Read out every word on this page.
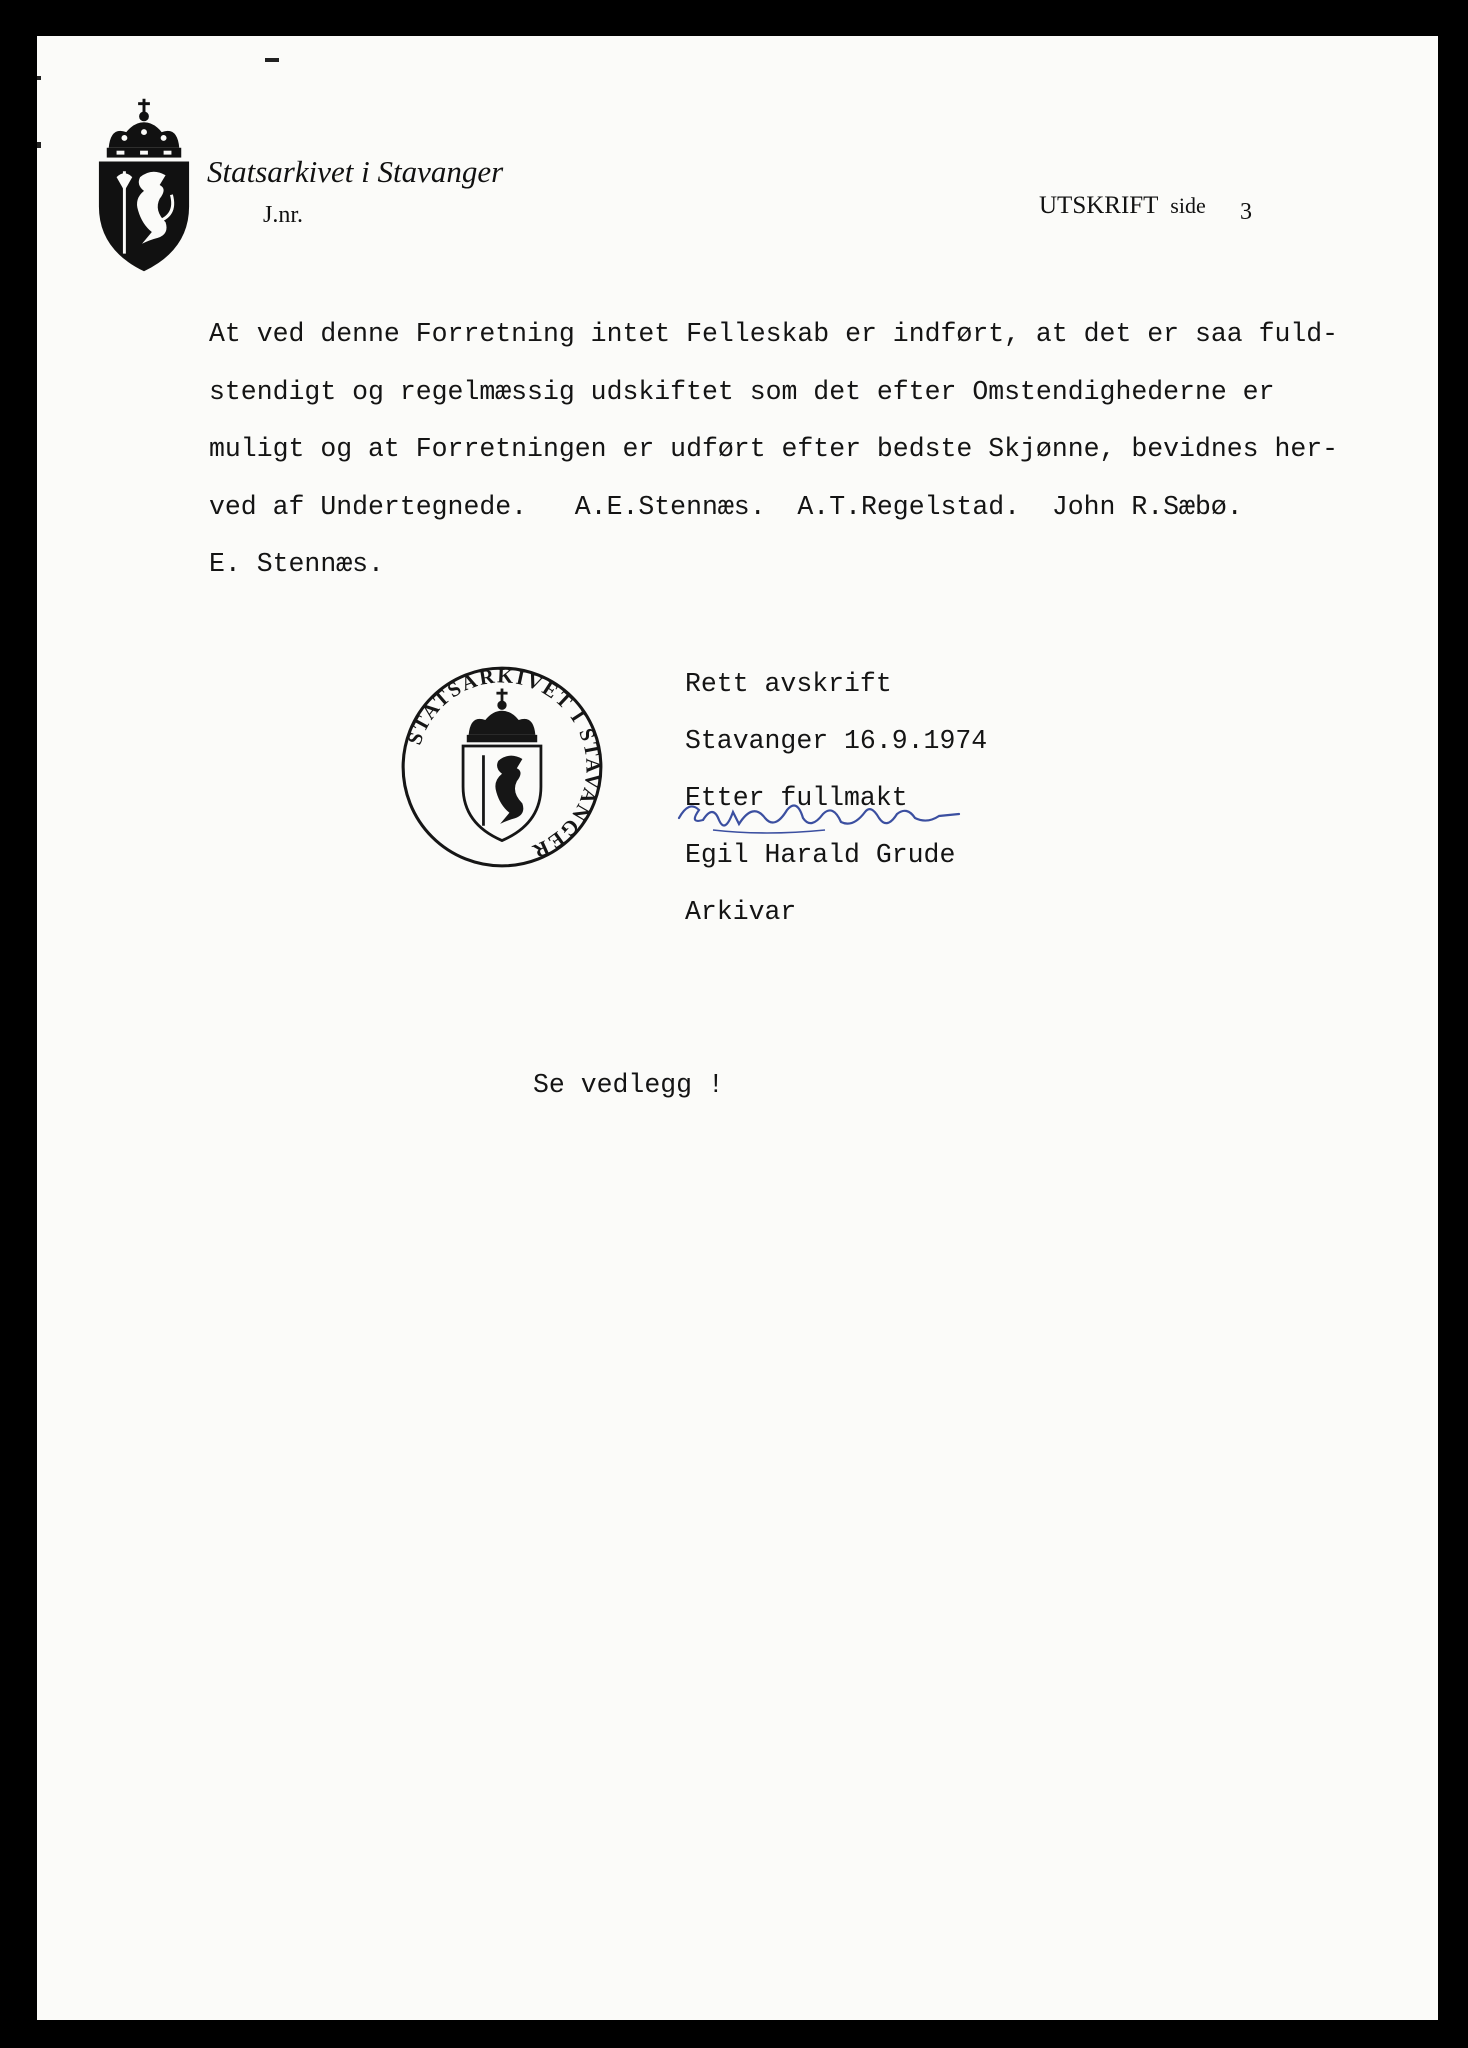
Statsarkivet i Stavanger
J.nr.	UTSKRIFT side 3
At ved denne Forretning intet Felleskab er indført, at det er saa fuld-
stendigt og regelmæssig udskiftet som det efter Omstendighederne er
muligt og at Forretningen er udført efter bedste Skjønne, bevidnes her-
ved af Undertegnede.   A.E.Stennæs.  A.T.Regelstad.  John R.Sæbø.
E. Stennæs.
STATSARKIVET I STAVANGER
Rett avskrift
Stavanger 16.9.1974
Etter fullmakt
Egil Harald Grude
Arkivar
Se vedlegg !
